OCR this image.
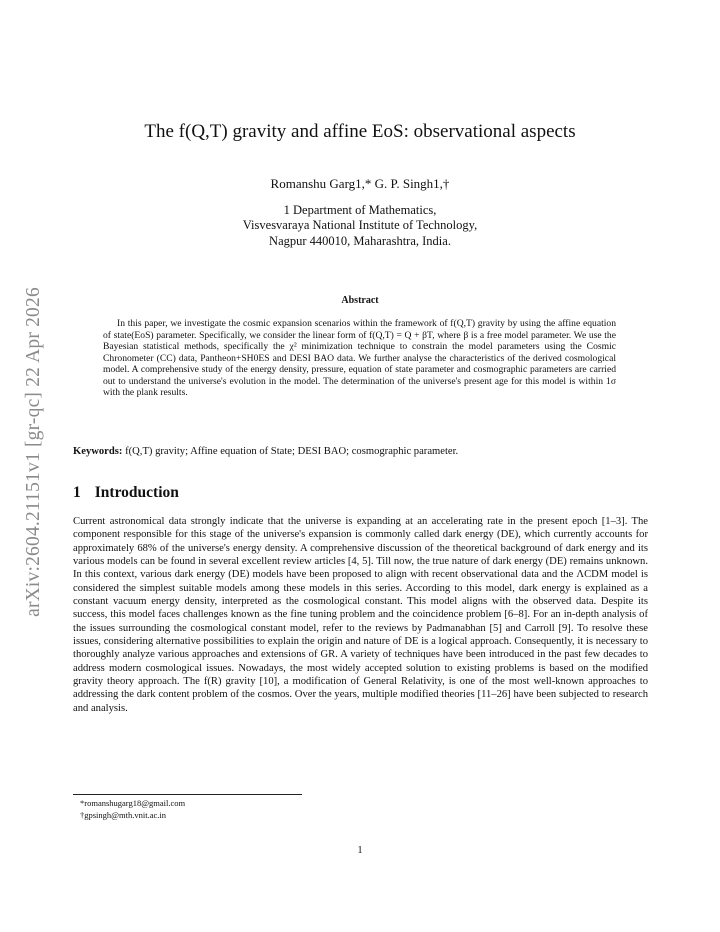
arXiv:2604.21151v1 [gr-qc] 22 Apr 2026
The f(Q,T) gravity and affine EoS: observational aspects
Romanshu Garg1,* G. P. Singh1,†
1 Department of Mathematics,
Visvesvaraya National Institute of Technology,
Nagpur 440010, Maharashtra, India.
Abstract
In this paper, we investigate the cosmic expansion scenarios within the framework of f(Q,T) gravity by using the affine equation of state(EoS) parameter. Specifically, we consider the linear form of f(Q,T) = Q + βT, where β is a free model parameter. We use the Bayesian statistical methods, specifically the χ² minimization technique to constrain the model parameters using the Cosmic Chronometer (CC) data, Pantheon+SH0ES and DESI BAO data. We further analyse the characteristics of the derived cosmological model. A comprehensive study of the energy density, pressure, equation of state parameter and cosmographic parameters are carried out to understand the universe's evolution in the model. The determination of the universe's present age for this model is within 1σ with the plank results.
Keywords: f(Q,T) gravity; Affine equation of State; DESI BAO; cosmographic parameter.
1 Introduction
Current astronomical data strongly indicate that the universe is expanding at an accelerating rate in the present epoch [1–3]. The component responsible for this stage of the universe's expansion is commonly called dark energy (DE), which currently accounts for approximately 68% of the universe's energy density. A comprehensive discussion of the theoretical background of dark energy and its various models can be found in several excellent review articles [4, 5]. Till now, the true nature of dark energy (DE) remains unknown. In this context, various dark energy (DE) models have been proposed to align with recent observational data and the ΛCDM model is considered the simplest suitable models among these models in this series. According to this model, dark energy is explained as a constant vacuum energy density, interpreted as the cosmological constant. This model aligns with the observed data. Despite its success, this model faces challenges known as the fine tuning problem and the coincidence problem [6–8]. For an in-depth analysis of the issues surrounding the cosmological constant model, refer to the reviews by Padmanabhan [5] and Carroll [9]. To resolve these issues, considering alternative possibilities to explain the origin and nature of DE is a logical approach. Consequently, it is necessary to thoroughly analyze various approaches and extensions of GR. A variety of techniques have been introduced in the past few decades to address modern cosmological issues. Nowadays, the most widely accepted solution to existing problems is based on the modified gravity theory approach. The f(R) gravity [10], a modification of General Relativity, is one of the most well-known approaches to addressing the dark content problem of the cosmos. Over the years, multiple modified theories [11–26] have been subjected to research and analysis.
*romanshugarg18@gmail.com
†gpsingh@mth.vnit.ac.in
1
